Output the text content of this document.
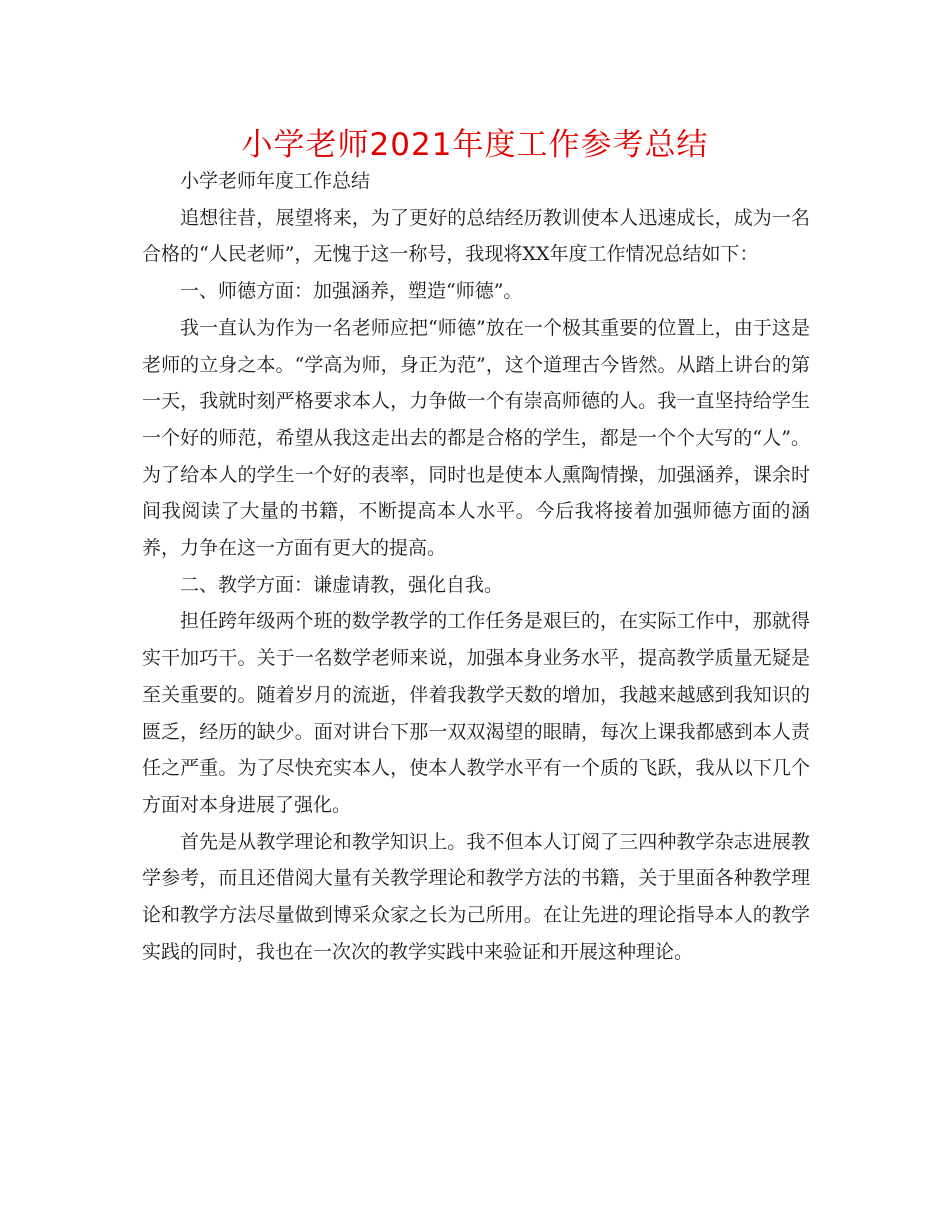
小学老师2021年度工作参考总结

小学老师年度工作总结

追想往昔，展望将来，为了更好的总结经历教训使本人迅速成长，成为一名合格的“人民老师”，无愧于这一称号，我现将XX年度工作情况总结如下：

一、师德方面：加强涵养，塑造“师德”。

我一直认为作为一名老师应把“师德”放在一个极其重要的位置上，由于这是老师的立身之本。“学高为师，身正为范”，这个道理古今皆然。从踏上讲台的第一天，我就时刻严格要求本人，力争做一个有崇高师德的人。我一直坚持给学生一个好的师范，希望从我这走出去的都是合格的学生，都是一个个大写的“人”。为了给本人的学生一个好的表率，同时也是使本人熏陶情操，加强涵养，课余时间我阅读了大量的书籍，不断提高本人水平。今后我将接着加强师德方面的涵养，力争在这一方面有更大的提高。

二、教学方面：谦虚请教，强化自我。

担任跨年级两个班的数学教学的工作任务是艰巨的，在实际工作中，那就得实干加巧干。关于一名数学老师来说，加强本身业务水平，提高教学质量无疑是至关重要的。随着岁月的流逝，伴着我教学天数的增加，我越来越感到我知识的匮乏，经历的缺少。面对讲台下那一双双渴望的眼睛，每次上课我都感到本人责任之严重。为了尽快充实本人，使本人教学水平有一个质的飞跃，我从以下几个方面对本身进展了强化。

首先是从教学理论和教学知识上。我不但本人订阅了三四种教学杂志进展教学参考，而且还借阅大量有关教学理论和教学方法的书籍，关于里面各种教学理论和教学方法尽量做到博采众家之长为己所用。在让先进的理论指导本人的教学实践的同时，我也在一次次的教学实践中来验证和开展这种理论。
